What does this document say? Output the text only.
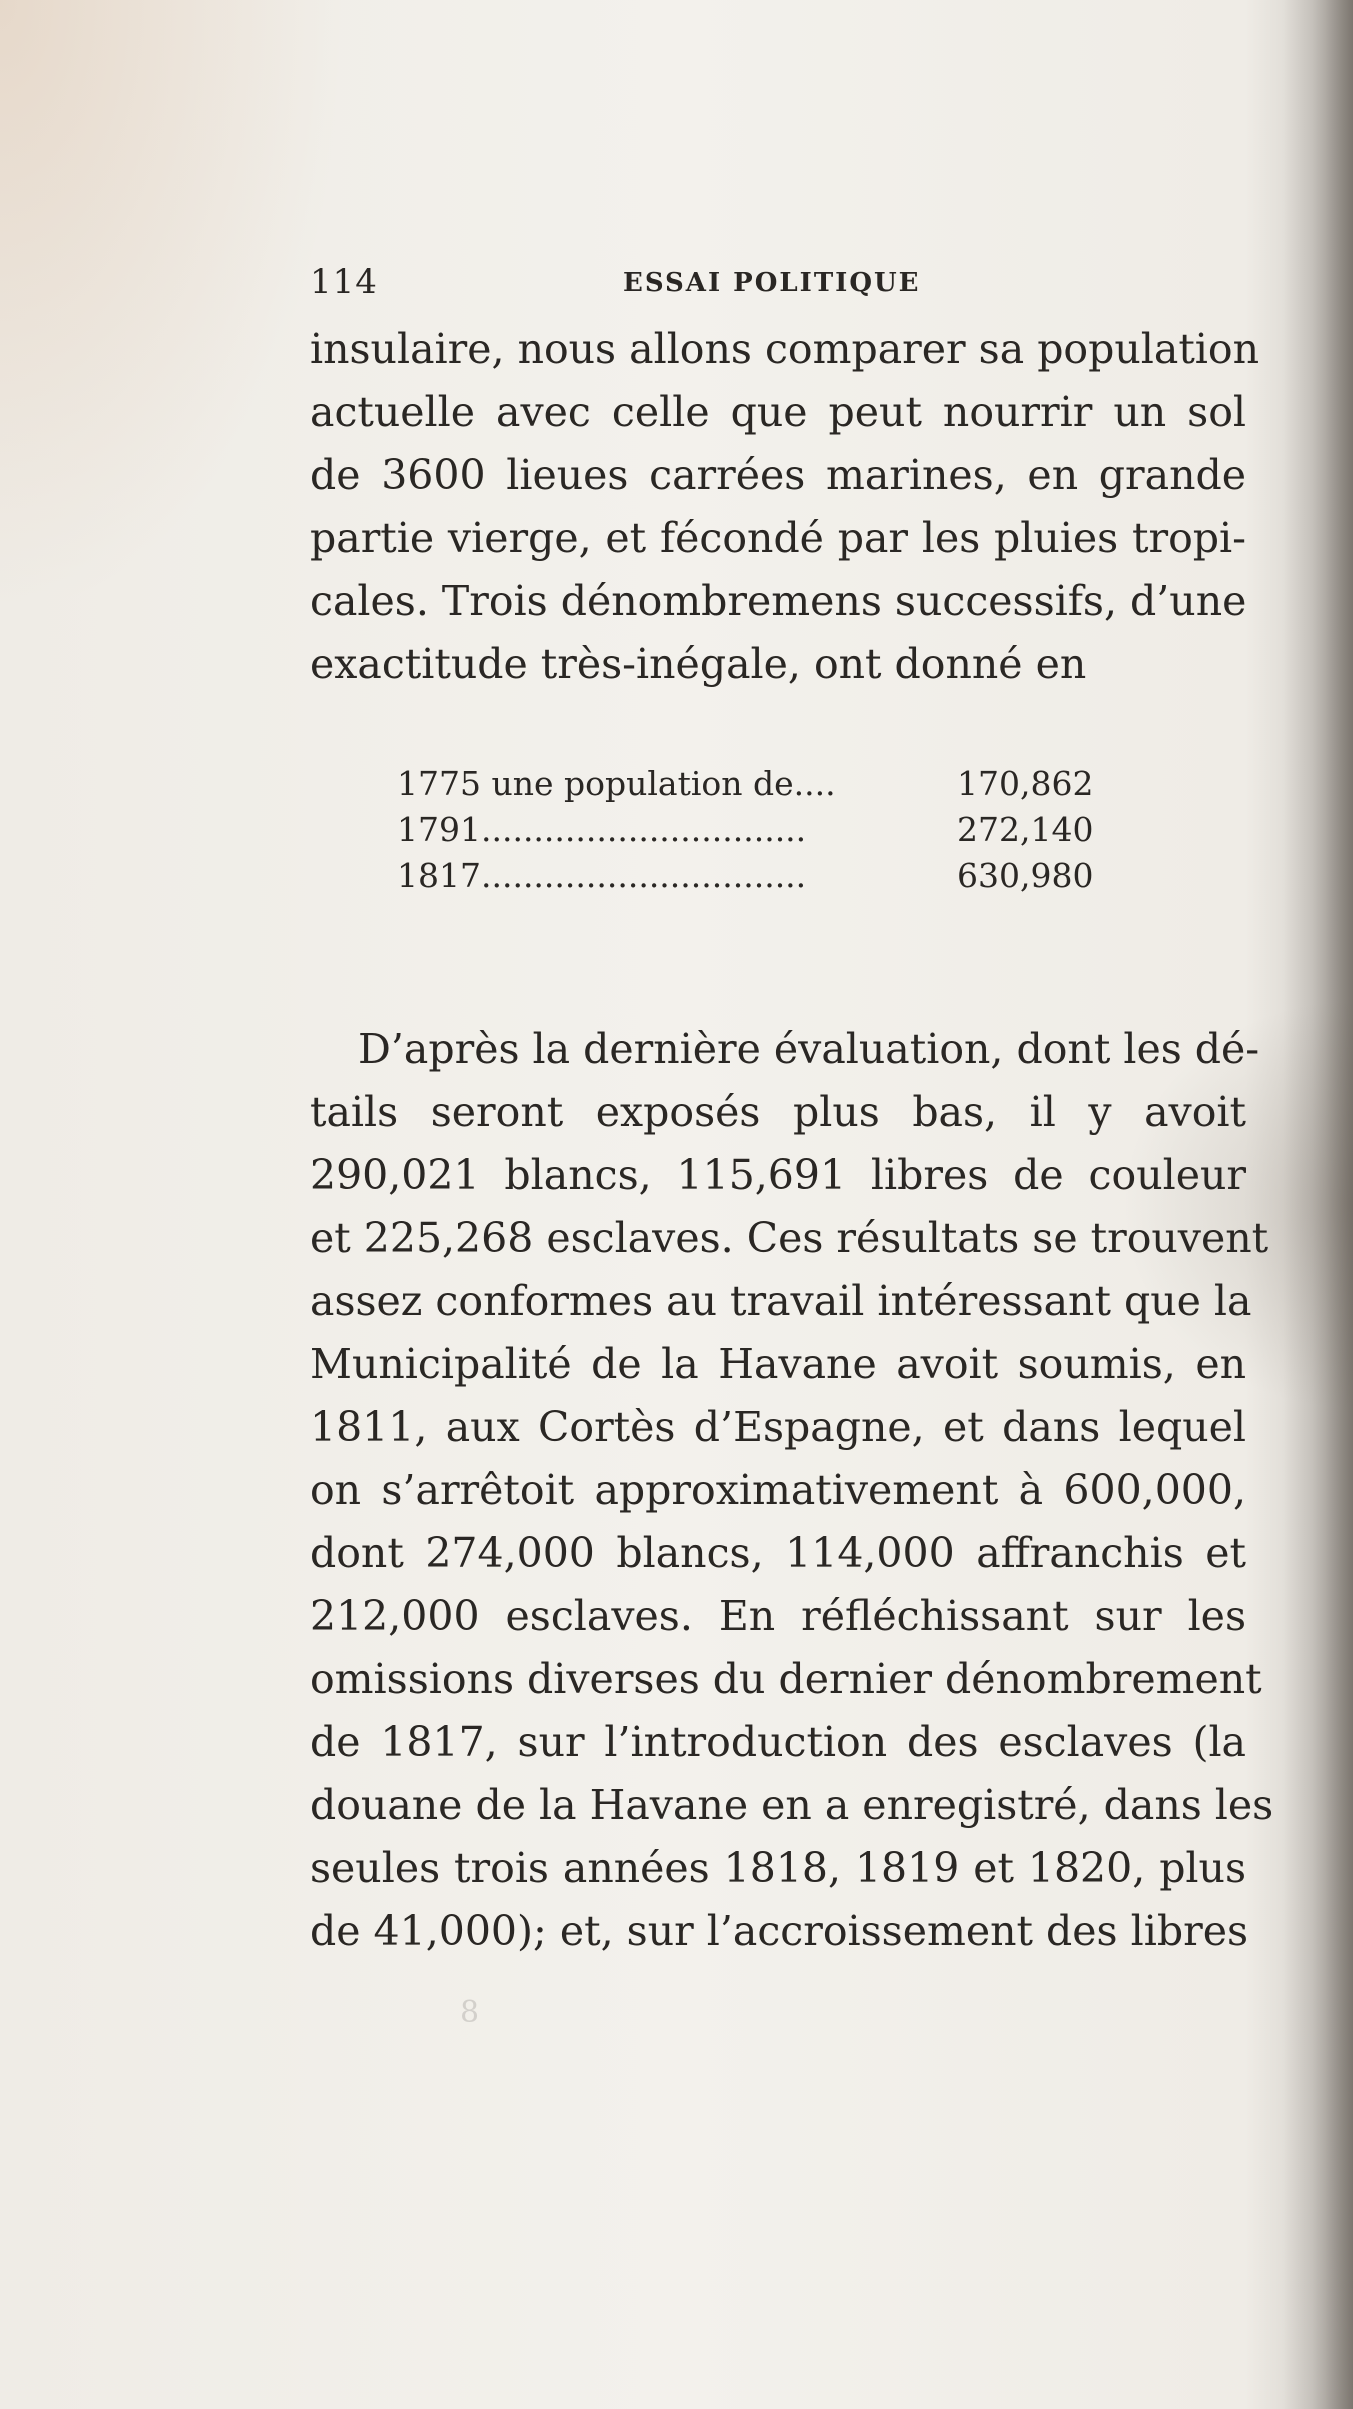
114	ESSAI POLITIQUE
insulaire, nous allons comparer sa population
actuelle avec celle que peut nourrir un sol
de 3600 lieues carrées marines, en grande
partie vierge, et fécondé par les pluies tropi-
cales. Trois dénombremens successifs, d’une
exactitude très-inégale, ont donné en
1775 une population de....	170,862
1791...............................	272,140
1817...............................	630,980
D’après la dernière évaluation, dont les dé-
tails seront exposés plus bas, il y avoit
290,021 blancs, 115,691 libres de couleur
et 225,268 esclaves. Ces résultats se trouvent
assez conformes au travail intéressant que la
Municipalité de la Havane avoit soumis, en
1811, aux Cortès d’Espagne, et dans lequel
on s’arrêtoit approximativement à 600,000,
dont 274,000 blancs, 114,000 affranchis et
212,000 esclaves. En réfléchissant sur les
omissions diverses du dernier dénombrement
de 1817, sur l’introduction des esclaves (la
douane de la Havane en a enregistré, dans les
seules trois années 1818, 1819 et 1820, plus
de 41,000); et, sur l’accroissement des libres
8
